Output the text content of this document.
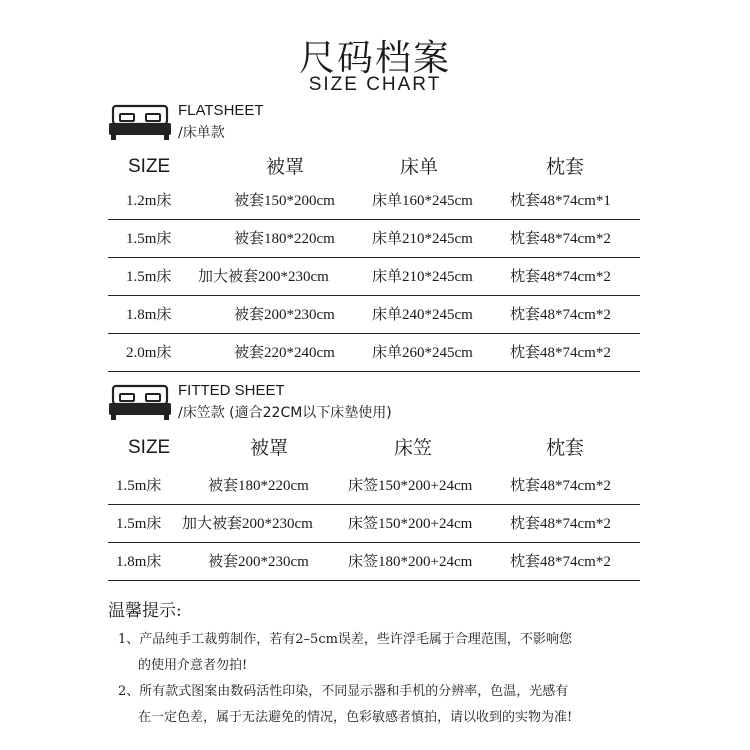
尺码档案
SIZE CHART
FLATSHEET
/床单款
SIZE	被罩	床单	枕套
1.2m床	被套150*200cm 床单160*245cm 枕套48*74cm*1
1.5m床	被套180*220cm 床单210*245cm 枕套48*74cm*2
1.5m床 加大被套200*230cm	床单210*245cm 枕套48*74cm*2
1.8m床	被套200*230cm 床单240*245cm 枕套48*74cm*2
2.0m床	被套220*240cm 床单260*245cm 枕套48*74cm*2
FITTED SHEET
/床笠款 (適合22CM以下床墊使用)
SIZE	被罩	床笠	枕套
1.5m床	被套180*220cm	床签150*200+24cm	枕套48*74cm*2
1.5m床 加大被套200*230cm 床签150*200+24cm	枕套48*74cm*2
1.8m床	被套200*230cm	床签180*200+24cm	枕套48*74cm*2
温馨提示:
1、产品纯手工裁剪制作，若有2–5cm误差，些许浮毛属于合理范围，不影响您
的使用介意者勿拍!
2、所有款式图案由数码活性印染，不同显示器和手机的分辨率，色温，光感有
在一定色差，属于无法避免的情况，色彩敏感者慎拍，请以收到的实物为准!
